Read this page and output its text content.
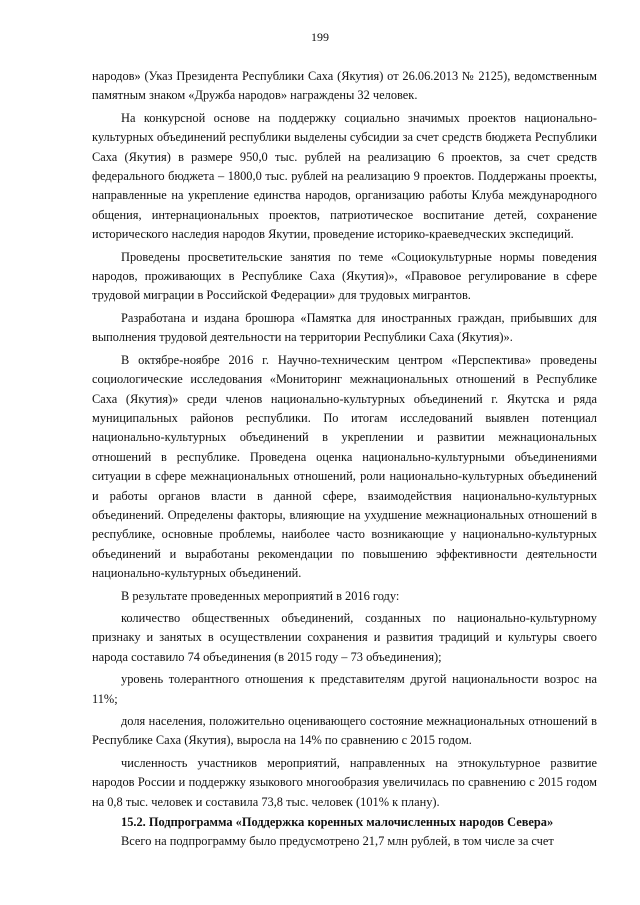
199

народов» (Указ Президента Республики Саха (Якутия) от 26.06.2013 № 2125), ведомственным памятным знаком «Дружба народов» награждены 32 человек.

На конкурсной основе на поддержку социально значимых проектов национально-культурных объединений республики выделены субсидии за счет средств бюджета Республики Саха (Якутия) в размере 950,0 тыс. рублей на реализацию 6 проектов, за счет средств федерального бюджета – 1800,0 тыс. рублей на реализацию 9 проектов. Поддержаны проекты, направленные на укрепление единства народов, организацию работы Клуба международного общения, интернациональных проектов, патриотическое воспитание детей, сохранение исторического наследия народов Якутии, проведение историко-краеведческих экспедиций.

Проведены просветительские занятия по теме «Социокультурные нормы поведения народов, проживающих в Республике Саха (Якутия)», «Правовое регулирование в сфере трудовой миграции в Российской Федерации» для трудовых мигрантов.

Разработана и издана брошюра «Памятка для иностранных граждан, прибывших для выполнения трудовой деятельности на территории Республики Саха (Якутия)».

В октябре-ноябре 2016 г. Научно-техническим центром «Перспектива» проведены социологические исследования «Мониторинг межнациональных отношений в Республике Саха (Якутия)» среди членов национально-культурных объединений г. Якутска и ряда муниципальных районов республики. По итогам исследований выявлен потенциал национально-культурных объединений в укреплении и развитии межнациональных отношений в республике. Проведена оценка национально-культурными объединениями ситуации в сфере межнациональных отношений, роли национально-культурных объединений и работы органов власти в данной сфере, взаимодействия национально-культурных объединений. Определены факторы, влияющие на ухудшение межнациональных отношений в республике, основные проблемы, наиболее часто возникающие у национально-культурных объединений и выработаны рекомендации по повышению эффективности деятельности национально-культурных объединений.

В результате проведенных мероприятий в 2016 году:

количество общественных объединений, созданных по национально-культурному признаку и занятых в осуществлении сохранения и развития традиций и культуры своего народа составило 74 объединения (в 2015 году – 73 объединения);

уровень толерантного отношения к представителям другой национальности возрос на 11%;

доля населения, положительно оценивающего состояние межнациональных отношений в Республике Саха (Якутия), выросла на 14% по сравнению с 2015 годом.

численность участников мероприятий, направленных на этнокультурное развитие народов России и поддержку языкового многообразия увеличилась по сравнению с 2015 годом на 0,8 тыс. человек и составила 73,8 тыс. человек (101% к плану).

15.2. Подпрограмма «Поддержка коренных малочисленных народов Севера»

Всего на подпрограмму было предусмотрено 21,7 млн рублей, в том числе за счет
